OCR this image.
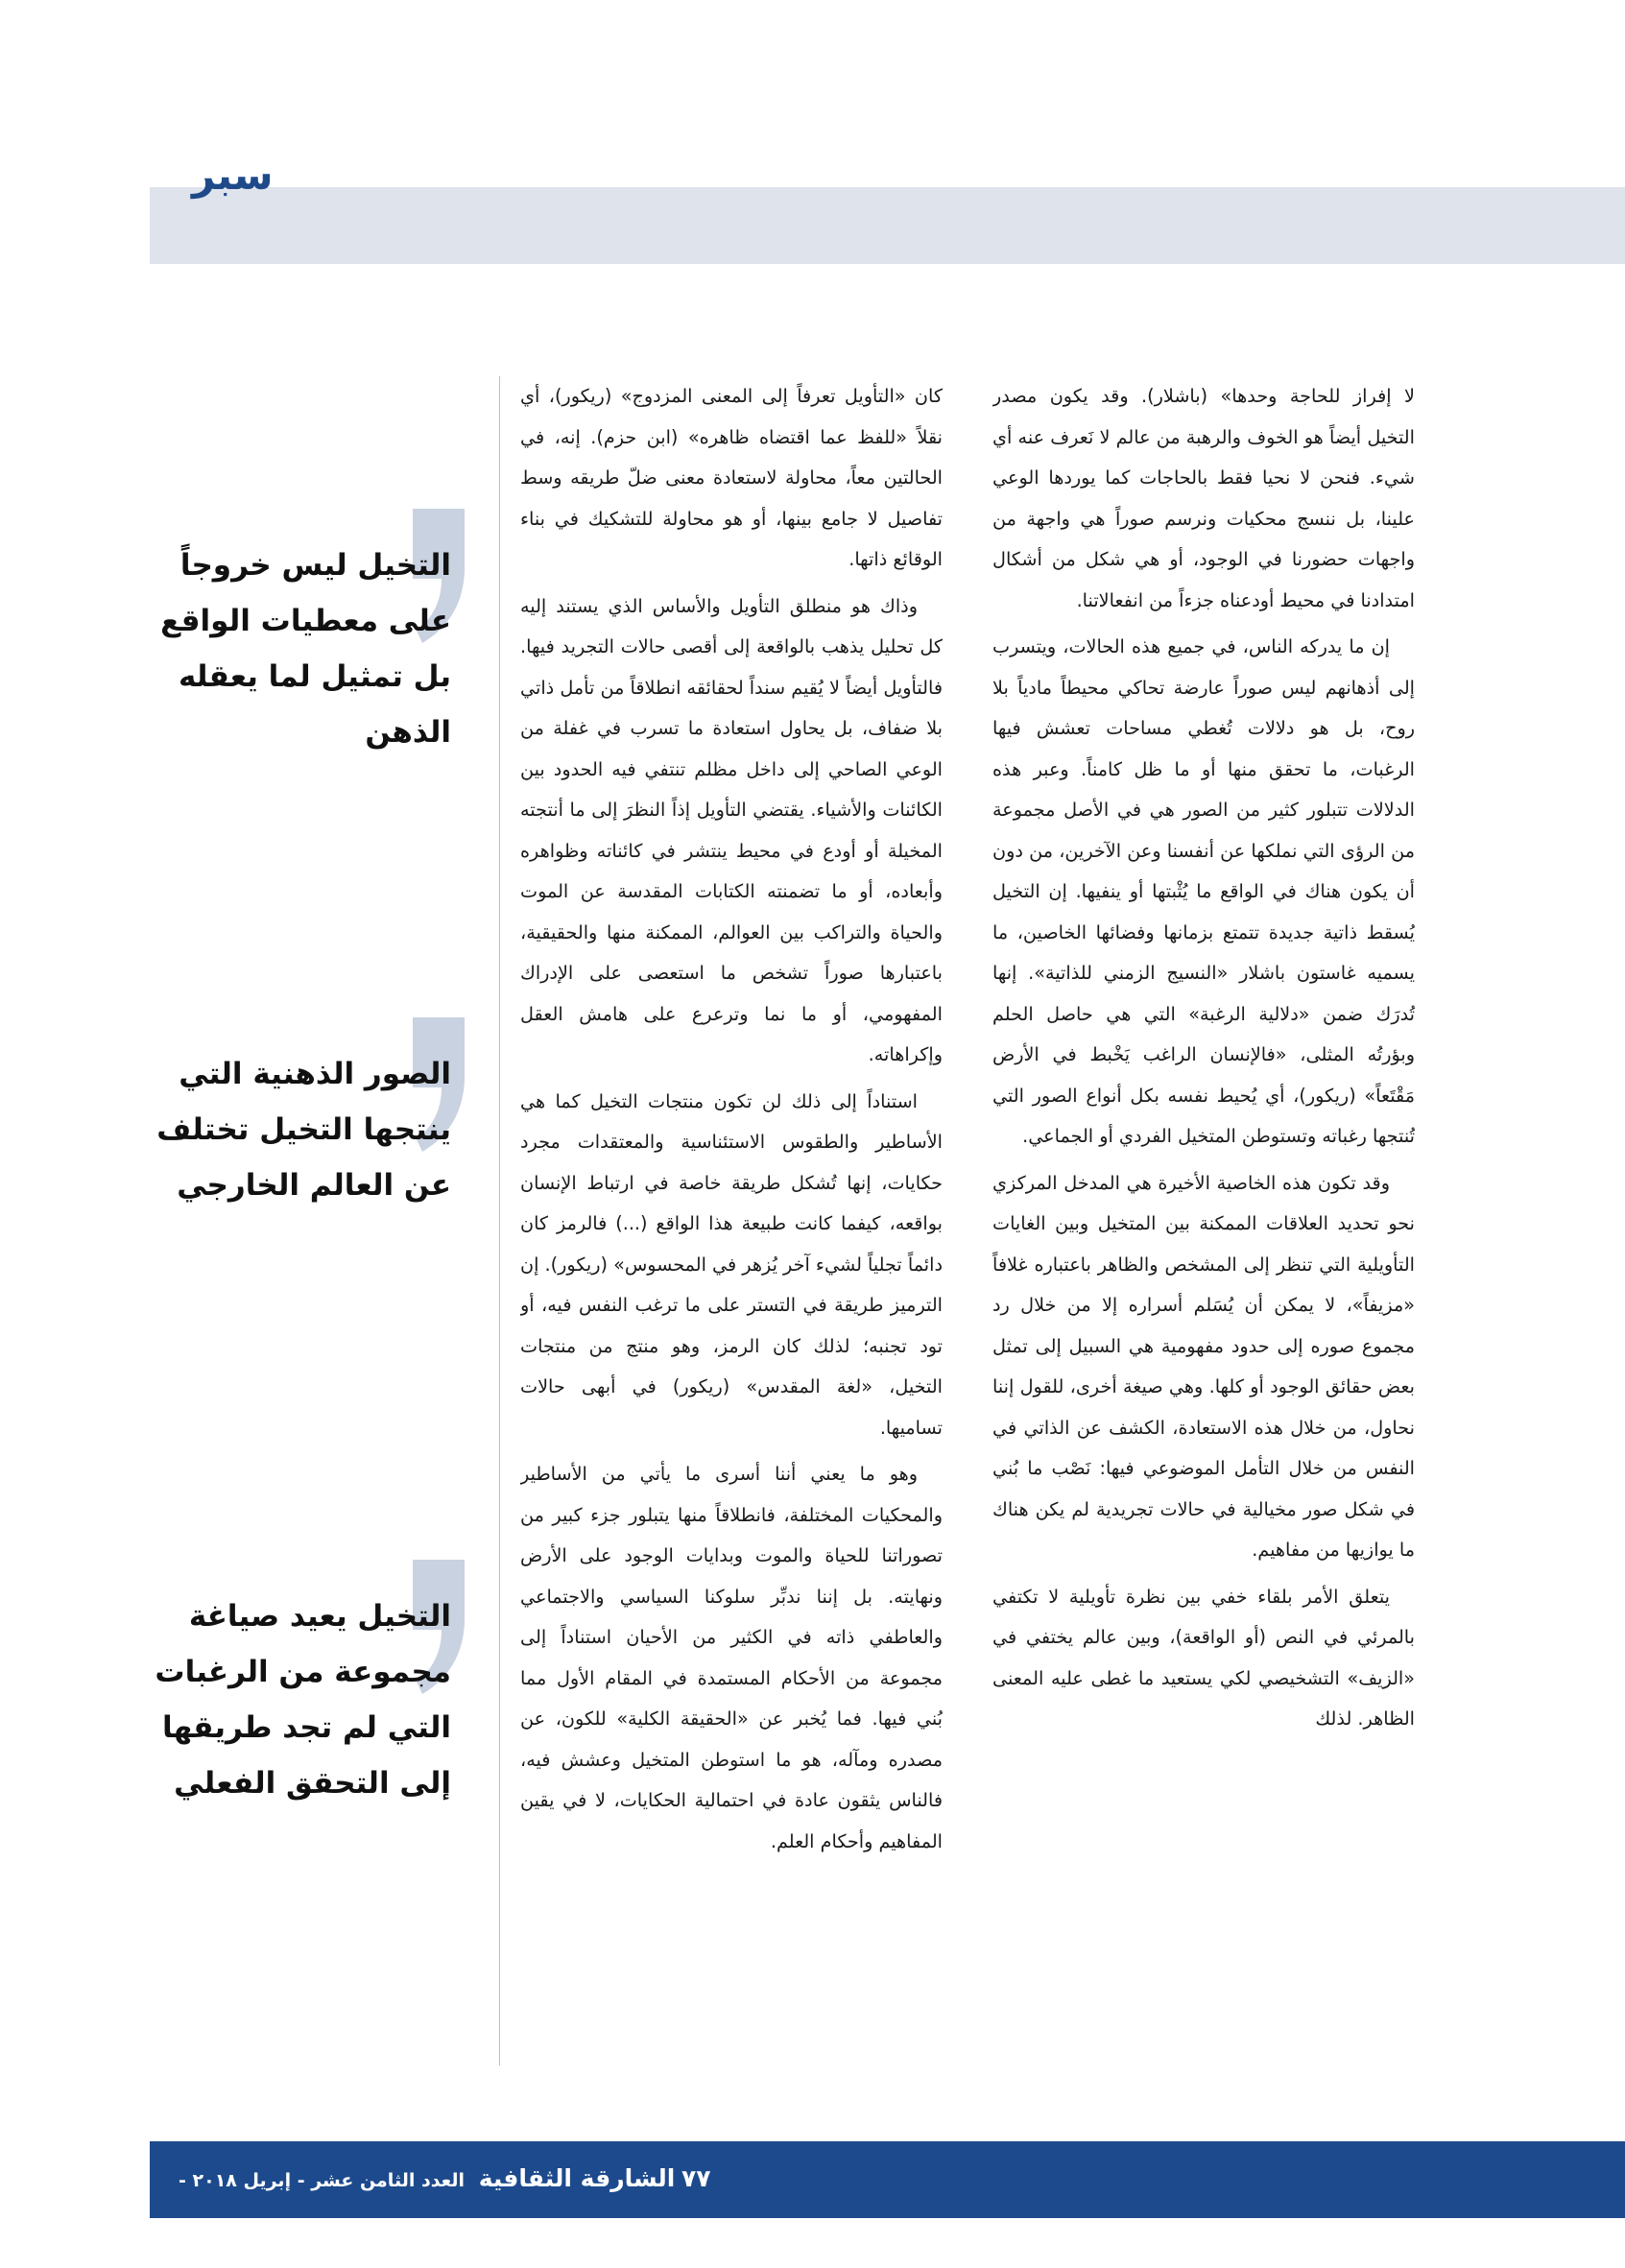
سبر
التخيل ليس خروجاً على معطيات الواقع بل تمثيل لما يعقله الذهن
الصور الذهنية التي ينتجها التخيل تختلف عن العالم الخارجي
التخيل يعيد صياغة مجموعة من الرغبات التي لم تجد طريقها إلى التحقق الفعلي

لا إفراز للحاجة وحدها» (باشلار). وقد يكون مصدر التخيل أيضاً هو الخوف والرهبة من عالم لا نَعرف عنه أي شيء. فنحن لا نحيا فقط بالحاجات كما يوردها الوعي علينا، بل ننسج محكيات ونرسم صوراً هي واجهة من واجهات حضورنا في الوجود، أو هي شكل من أشكال امتدادنا في محيط أودعناه جزءاً من انفعالاتنا.

إن ما يدركه الناس، في جميع هذه الحالات، ويتسرب إلى أذهانهم ليس صوراً عارضة تحاكي محيطاً مادياً بلا روح، بل هو دلالات تُغطي مساحات تعشش فيها الرغبات، ما تحقق منها أو ما ظل كامناً. وعبر هذه الدلالات تتبلور كثير من الصور هي في الأصل مجموعة من الرؤى التي نملكها عن أنفسنا وعن الآخرين، من دون أن يكون هناك في الواقع ما يُثْبتها أو ينفيها. إن التخيل يُسقط ذاتية جديدة تتمتع بزمانها وفضائها الخاصين، ما يسميه غاستون باشلار «النسيج الزمني للذاتية». إنها تُدرَك ضمن «دلالية الرغبة» التي هي حاصل الحلم وبؤرتُه المثلى، «فالإنسان الراغب يَخْبط في الأرض مَقْتَعاً» (ريكور)، أي يُحيط نفسه بكل أنواع الصور التي تُنتجها رغباته وتستوطن المتخيل الفردي أو الجماعي.

وقد تكون هذه الخاصية الأخيرة هي المدخل المركزي نحو تحديد العلاقات الممكنة بين المتخيل وبين الغايات التأويلية التي تنظر إلى المشخص والظاهر باعتباره غلافاً «مزيفاً»، لا يمكن أن يُسَلم أسراره إلا من خلال رد مجموع صوره إلى حدود مفهومية هي السبيل إلى تمثل بعض حقائق الوجود أو كلها. وهي صيغة أخرى، للقول إننا نحاول، من خلال هذه الاستعادة، الكشف عن الذاتي في النفس من خلال التأمل الموضوعي فيها: نَصْب ما بُني في شكل صور مخيالية في حالات تجريدية لم يكن هناك ما يوازيها من مفاهيم.

يتعلق الأمر بلقاء خفي بين نظرة تأويلية لا تكتفي بالمرئي في النص (أو الواقعة)، وبين عالم يختفي في «الزيف» التشخيصي لكي يستعيد ما غطى عليه المعنى الظاهر. لذلك

كان «التأويل تعرفاً إلى المعنى المزدوج» (ريكور)، أي نقلاً «للفظ عما اقتضاه ظاهره» (ابن حزم). إنه، في الحالتين معاً، محاولة لاستعادة معنى ضلّ طريقه وسط تفاصيل لا جامع بينها، أو هو محاولة للتشكيك في بناء الوقائع ذاتها.

وذاك هو منطلق التأويل والأساس الذي يستند إليه كل تحليل يذهب بالواقعة إلى أقصى حالات التجريد فيها. فالتأويل أيضاً لا يُقيم سنداً لحقائقه انطلاقاً من تأمل ذاتي بلا ضفاف، بل يحاول استعادة ما تسرب في غفلة من الوعي الصاحي إلى داخل مظلم تنتفي فيه الحدود بين الكائنات والأشياء. يقتضي التأويل إذاً النظرَ إلى ما أنتجته المخيلة أو أودع في محيط ينتشر في كائناته وظواهره وأبعاده، أو ما تضمنته الكتابات المقدسة عن الموت والحياة والتراكب بين العوالم، الممكنة منها والحقيقية، باعتبارها صوراً تشخص ما استعصى على الإدراك المفهومي، أو ما نما وترعرع على هامش العقل وإكراهاته.

استناداً إلى ذلك لن تكون منتجات التخيل كما هي الأساطير والطقوس الاستئناسية والمعتقدات مجرد حكايات، إنها تُشكل طريقة خاصة في ارتباط الإنسان بواقعه، كيفما كانت طبيعة هذا الواقع (...) فالرمز كان دائماً تجلياً لشيء آخر يُزهر في المحسوس» (ريكور). إن الترميز طريقة في التستر على ما ترغب النفس فيه، أو تود تجنبه؛ لذلك كان الرمز، وهو منتج من منتجات التخيل، «لغة المقدس» (ريكور) في أبهى حالات تساميها.

وهو ما يعني أننا أسرى ما يأتي من الأساطير والمحكيات المختلفة، فانطلاقاً منها يتبلور جزء كبير من تصوراتنا للحياة والموت وبدايات الوجود على الأرض ونهايته. بل إننا ندبِّر سلوكنا السياسي والاجتماعي والعاطفي ذاته في الكثير من الأحيان استناداً إلى مجموعة من الأحكام المستمدة في المقام الأول مما بُني فيها. فما يُخبر عن «الحقيقة الكلية» للكون، عن مصدره ومآله، هو ما استوطن المتخيل وعشش فيه، فالناس يثقون عادة في احتمالية الحكايات، لا في يقين المفاهيم وأحكام العلم.

٧٧ الشارقة الثقافية العدد الثامن عشر - إبريل ٢٠١٨ -
